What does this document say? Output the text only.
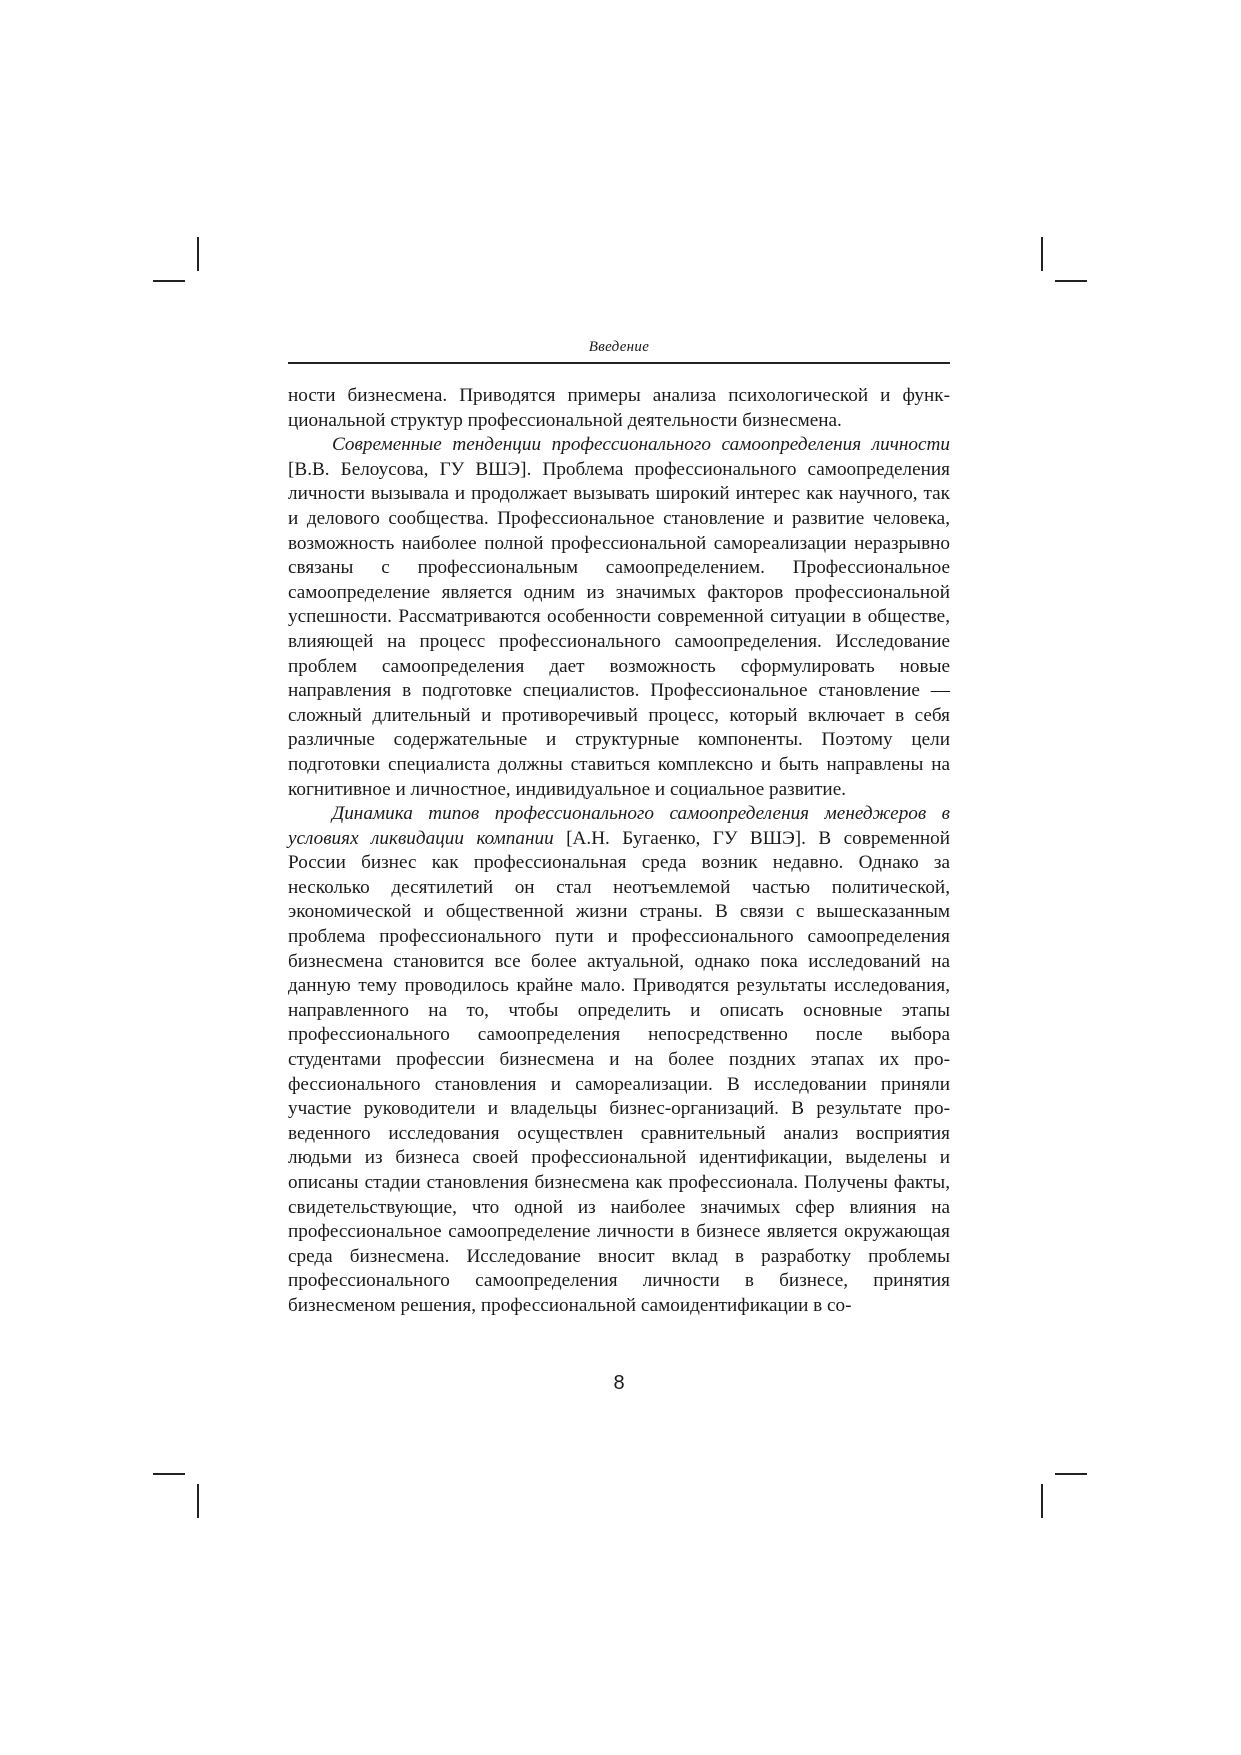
Введение

ности бизнесмена. Приводятся примеры анализа психологической и функциональной структур профессиональной деятельности бизнесмена.

Современные тенденции профессионального самоопределения личности [В.В. Белоусова, ГУ ВШЭ]. Проблема профессионального самоопределения личности вызывала и продолжает вызывать широкий интерес как научного, так и делового сообщества. Профессиональное становление и развитие человека, возможность наиболее полной профессиональной самореализации неразрывно связаны с профессиональным самоопределением. Профессиональное самоопределение является одним из значимых факторов профессиональной успешности. Рассматриваются особенности современной ситуации в обществе, влияющей на процесс профессионального самоопределения. Исследование проблем самоопределения дает возможность сформулировать новые направления в подготовке специалистов. Профессиональное становление — сложный длительный и противоречивый процесс, который включает в себя различные содержательные и структурные компоненты. Поэтому цели подготовки специалиста должны ставиться комплексно и быть направлены на когнитивное и личностное, индивидуальное и социальное развитие.

Динамика типов профессионального самоопределения менеджеров в условиях ликвидации компании [А.Н. Бугаенко, ГУ ВШЭ]. В современной России бизнес как профессиональная среда возник недавно. Однако за несколько десятилетий он стал неотъемлемой частью политической, экономической и общественной жизни страны. В связи с вышесказанным проблема профессионального пути и профессионального самоопределения бизнесмена становится все более актуальной, однако пока исследований на данную тему проводилось крайне мало. Приводятся результаты исследования, направленного на то, чтобы определить и описать основные этапы профессионального самоопределения непосредственно после выбора студентами профессии бизнесмена и на более поздних этапах их профессионального становления и самореализации. В исследовании приняли участие руководители и владельцы бизнес-организаций. В результате проведенного исследования осуществлен сравнительный анализ восприятия людьми из бизнеса своей профессиональной идентификации, выделены и описаны стадии становления бизнесмена как профессионала. Получены факты, свидетельствующие, что одной из наиболее значимых сфер влияния на профессиональное самоопределение личности в бизнесе является окружающая среда бизнесмена. Исследование вносит вклад в разработку проблемы профессионального самоопределения личности в бизнесе, принятия бизнесменом решения, профессиональной самоидентификации в со-

8
